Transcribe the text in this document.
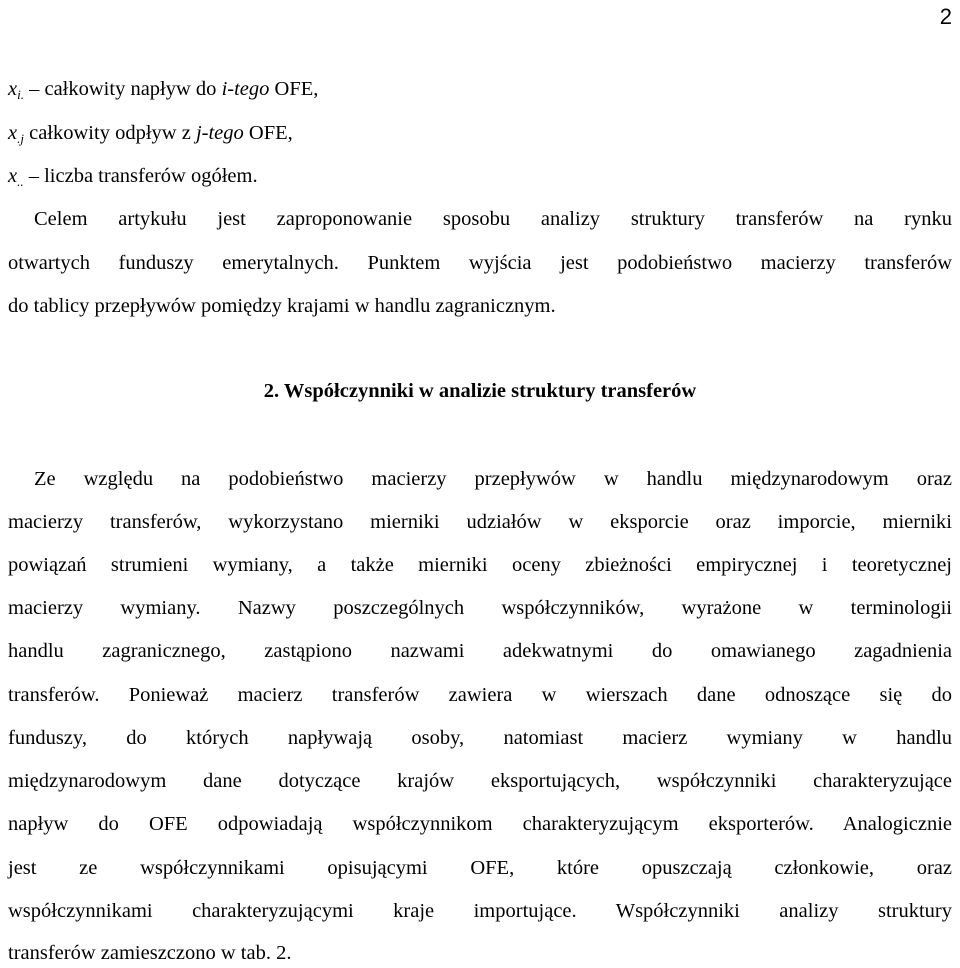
2
xi. – całkowity napływ do i-tego OFE,
x.j całkowity odpływ z j-tego OFE,
x.. – liczba transferów ogółem.
Celem artykułu jest zaproponowanie sposobu analizy struktury transferów na rynku
otwartych funduszy emerytalnych. Punktem wyjścia jest podobieństwo macierzy transferów
do tablicy przepływów pomiędzy krajami w handlu zagranicznym.
2. Współczynniki w analizie struktury transferów
Ze względu na podobieństwo macierzy przepływów w handlu międzynarodowym oraz
macierzy transferów, wykorzystano mierniki udziałów w eksporcie oraz imporcie, mierniki
powiązań strumieni wymiany, a także mierniki oceny zbieżności empirycznej i teoretycznej
macierzy wymiany. Nazwy poszczególnych współczynników, wyrażone w terminologii
handlu zagranicznego, zastąpiono nazwami adekwatnymi do omawianego zagadnienia
transferów. Ponieważ macierz transferów zawiera w wierszach dane odnoszące się do
funduszy, do których napływają osoby, natomiast macierz wymiany w handlu
międzynarodowym dane dotyczące krajów eksportujących, współczynniki charakteryzujące
napływ do OFE odpowiadają współczynnikom charakteryzującym eksporterów. Analogicznie
jest ze współczynnikami opisującymi OFE, które opuszczają członkowie, oraz
współczynnikami charakteryzującymi kraje importujące. Współczynniki analizy struktury
transferów zamieszczono w tab. 2.
